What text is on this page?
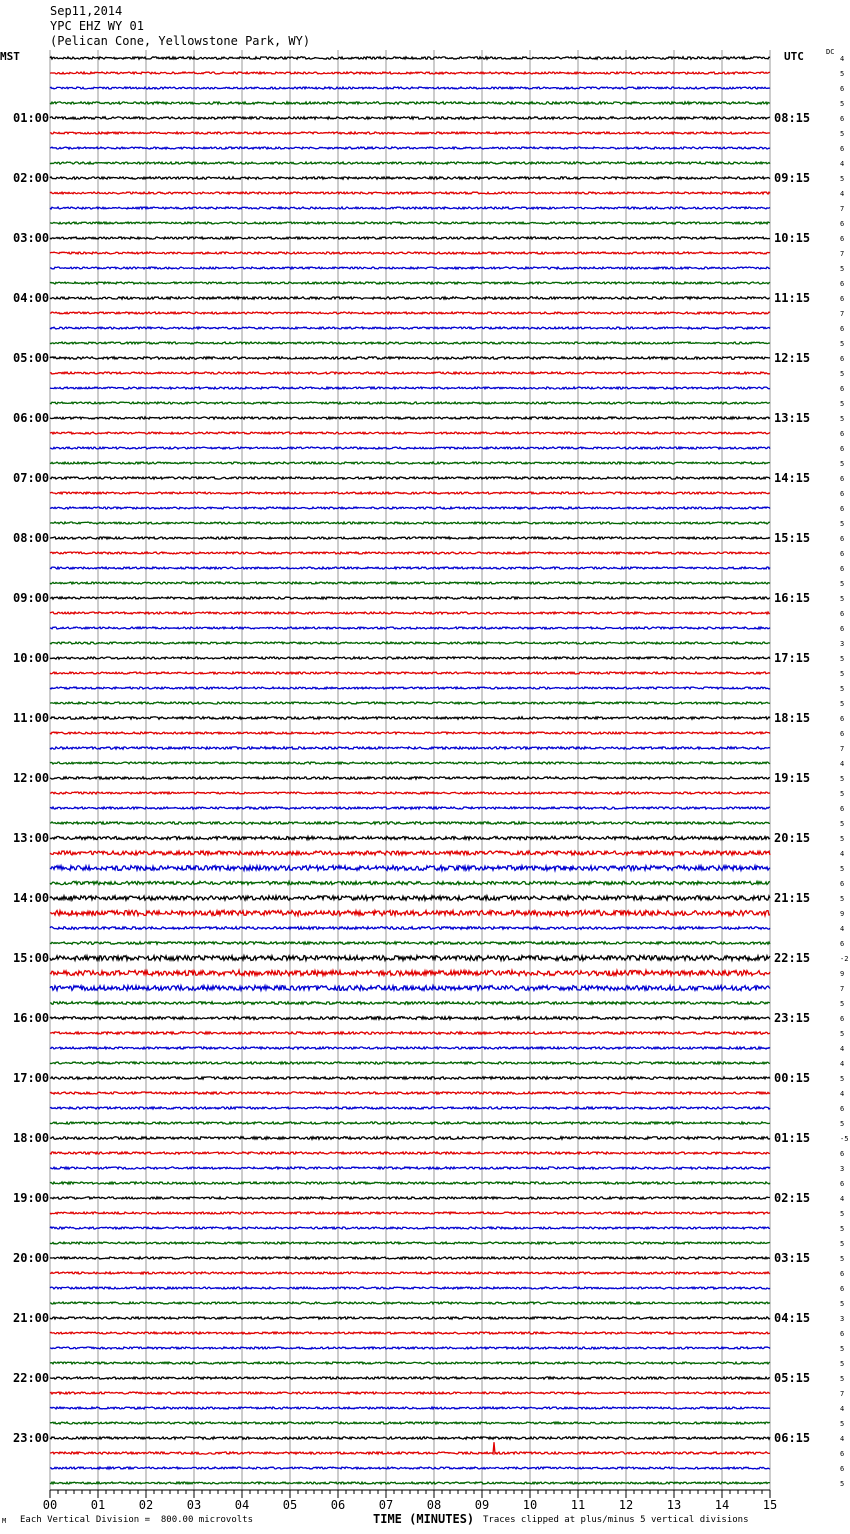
Sep11,2014
YPC EHZ WY 01
(Pelican Cone, Yellowstone Park, WY)
MST	UTC	DC
4
5
6
5
6
5
6
4
5
4
7
6
6
7
5
6
6
7
6
5
6
5
6
5
5
6
6
5
6
6
6
5
6
6
6
5
5
6
6
3
5
5
5
5
6
6
7
4
5
5
6
5
5
4
5
6
5
9
4
6
-2
9
7
5
6
5
4
4
5
4
6
5
-5
6
3
6
4
5
5
5
5
6
6
5
3
6
5
5
5
7
4
5
4
6
6
5
01:00	08:15
02:00	09:15
03:00	10:15
04:00	11:15
05:00	12:15
06:00	13:15
07:00	14:15
08:00	15:15
09:00	16:15
10:00	17:15
11:00	18:15
12:00	19:15
13:00	20:15
14:00	21:15
15:00	22:15
16:00	23:15
17:00	00:15
18:00	01:15
19:00	02:15
20:00	03:15
21:00	04:15
22:00	05:15
23:00	06:15
00	01	02	03	04	05	06	07	08	09	10	11	12	13	14	15
M Each Vertical Division =  800.00 microvolts	TIME (MINUTES) Traces clipped at plus/minus 5 vertical divisions
